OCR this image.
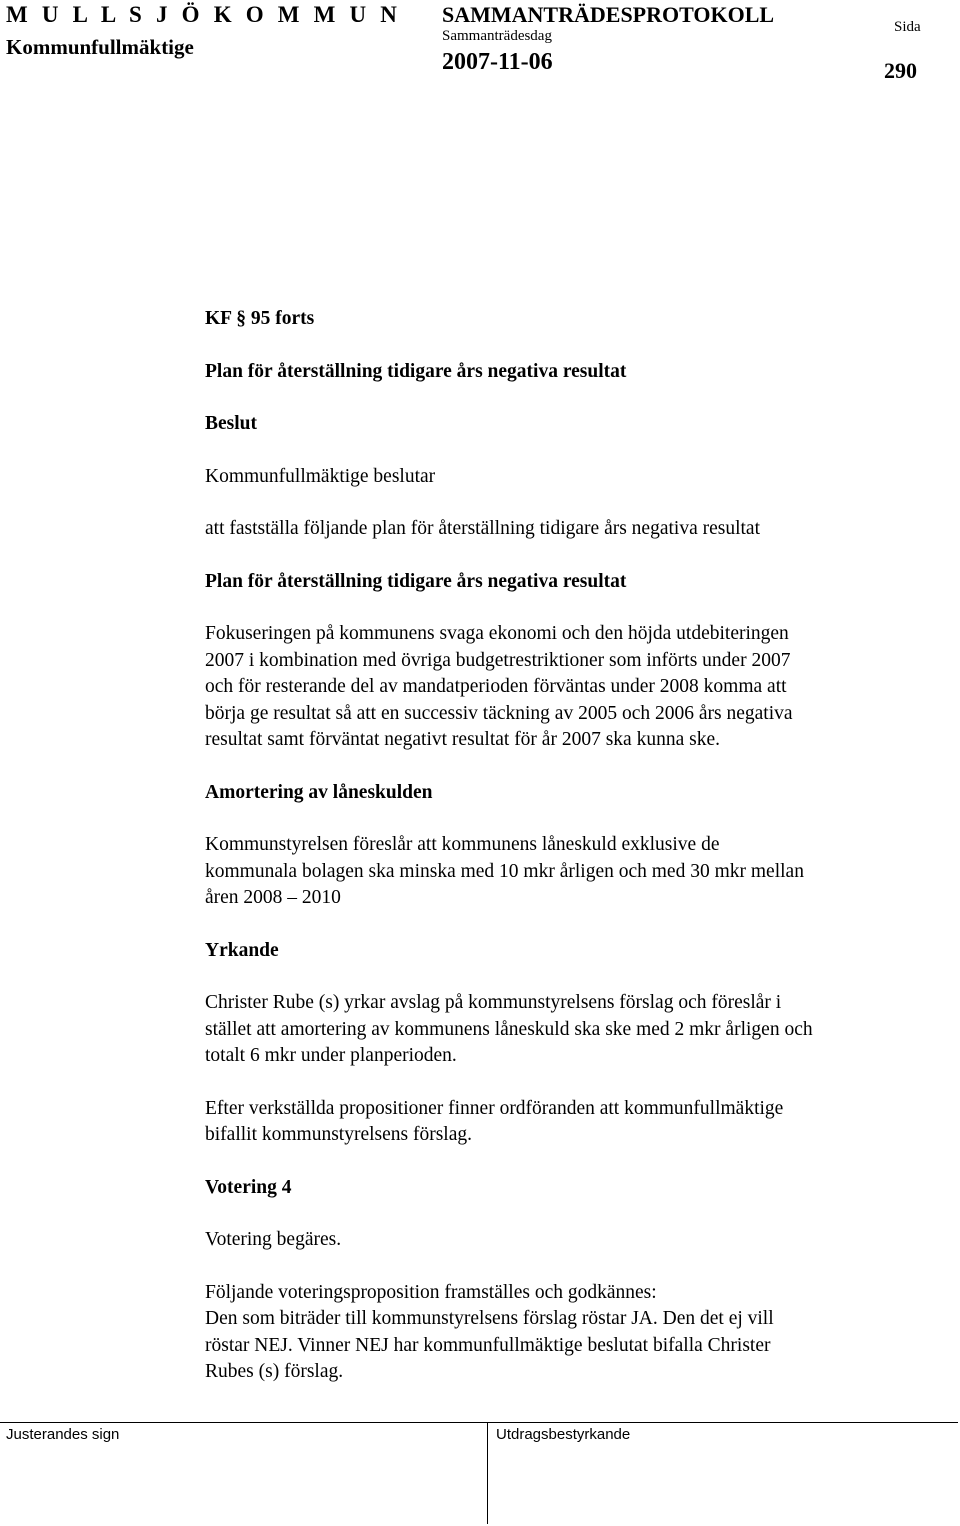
M U L L S J Ö K O M M U N
Kommunfullmäktige
SAMMANTRÄDESPROTOKOLL
Sammanträdesdag
2007-11-06
Sida
290

KF § 95 forts

Plan för återställning tidigare års negativa resultat

Beslut

Kommunfullmäktige beslutar

att fastställa följande plan för återställning tidigare års negativa resultat

Plan för återställning tidigare års negativa resultat

Fokuseringen på kommunens svaga ekonomi och den höjda utdebiteringen

2007 i kombination med övriga budgetrestriktioner som införts under 2007

och för resterande del av mandatperioden förväntas under 2008 komma att

börja ge resultat så att en successiv täckning av 2005 och 2006 års negativa

resultat samt förväntat negativt resultat för år 2007 ska kunna ske.

Amortering av låneskulden

Kommunstyrelsen föreslår att kommunens låneskuld exklusive de

kommunala bolagen ska minska med 10 mkr årligen och med 30 mkr mellan

åren 2008 – 2010

Yrkande

Christer Rube (s) yrkar avslag på kommunstyrelsens förslag och föreslår i

stället att amortering av kommunens låneskuld ska ske med 2 mkr årligen och

totalt 6 mkr under planperioden.

Efter verkställda propositioner finner ordföranden att kommunfullmäktige

bifallit kommunstyrelsens förslag.

Votering 4

Votering begäres.

Följande voteringsproposition framställes och godkännes:

Den som biträder till kommunstyrelsens förslag röstar JA. Den det ej vill

röstar NEJ. Vinner NEJ har kommunfullmäktige beslutat bifalla Christer

Rubes (s) förslag.

Justerandes sign	Utdragsbestyrkande
